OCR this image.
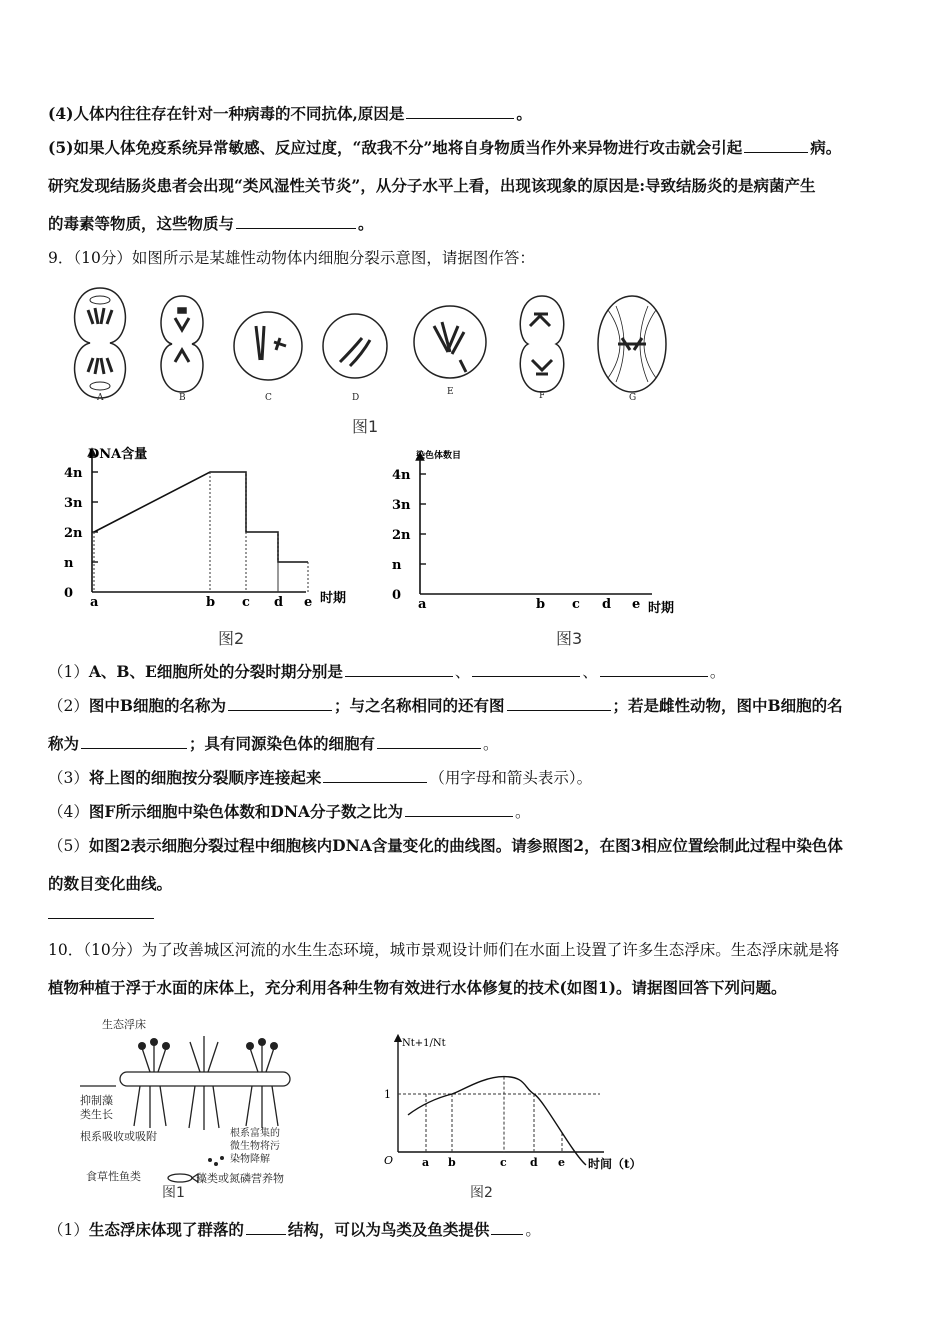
(4)人体内往往存在针对一种病毒的不同抗体,原因是	。
(5)如果人体免疫系统异常敏感、反应过度，“敌我不分”地将自身物质当作外来异物进行攻击就会引起	病。
研究发现结肠炎患者会出现“类风湿性关节炎”，从分子水平上看，出现该现象的原因是:导致结肠炎的是病菌产生
的毒素等物质，这些物质与	。
9．（10分）如图所示是某雄性动物体内细胞分裂示意图，请据图作答：
A	B	C	D
E	F	G
图1
4n
3n
2n
n
0
a	b c d e
DNA含量
时期
图2
4n
3n
2n
n
0
a	b c d e
染色体数目
时期
图3
（1）A、B、E细胞所处的分裂时期分别是	、	、	。
（2）图中B细胞的名称为	；与之名称相同的还有图	；若是雌性动物，图中B细胞的名
称为	；具有同源染色体的细胞有	。
（3）将上图的细胞按分裂顺序连接起来	（用字母和箭头表示）。
（4）图F所示细胞中染色体数和DNA分子数之比为	。
（5）如图2表示细胞分裂过程中细胞核内DNA含量变化的曲线图。请参照图2，在图3相应位置绘制此过程中染色体
的数目变化曲线。
10．（10分）为了改善城区河流的水生生态环境，城市景观设计师们在水面上设置了许多生态浮床。生态浮床就是将
植物种植于浮于水面的床体上，充分利用各种生物有效进行水体修复的技术(如图1)。请据图回答下列问题。
生态浮床
抑制藻
类生长
根系吸收或吸附
食草性鱼类
根系富集的
微生物将污
染物降解
藻类或氮磷营养物
图1
a b	c d e
Nt+1/Nt
1
O	时间（t）
图2
（1）生态浮床体现了群落的	结构，可以为鸟类及鱼类提供 。
